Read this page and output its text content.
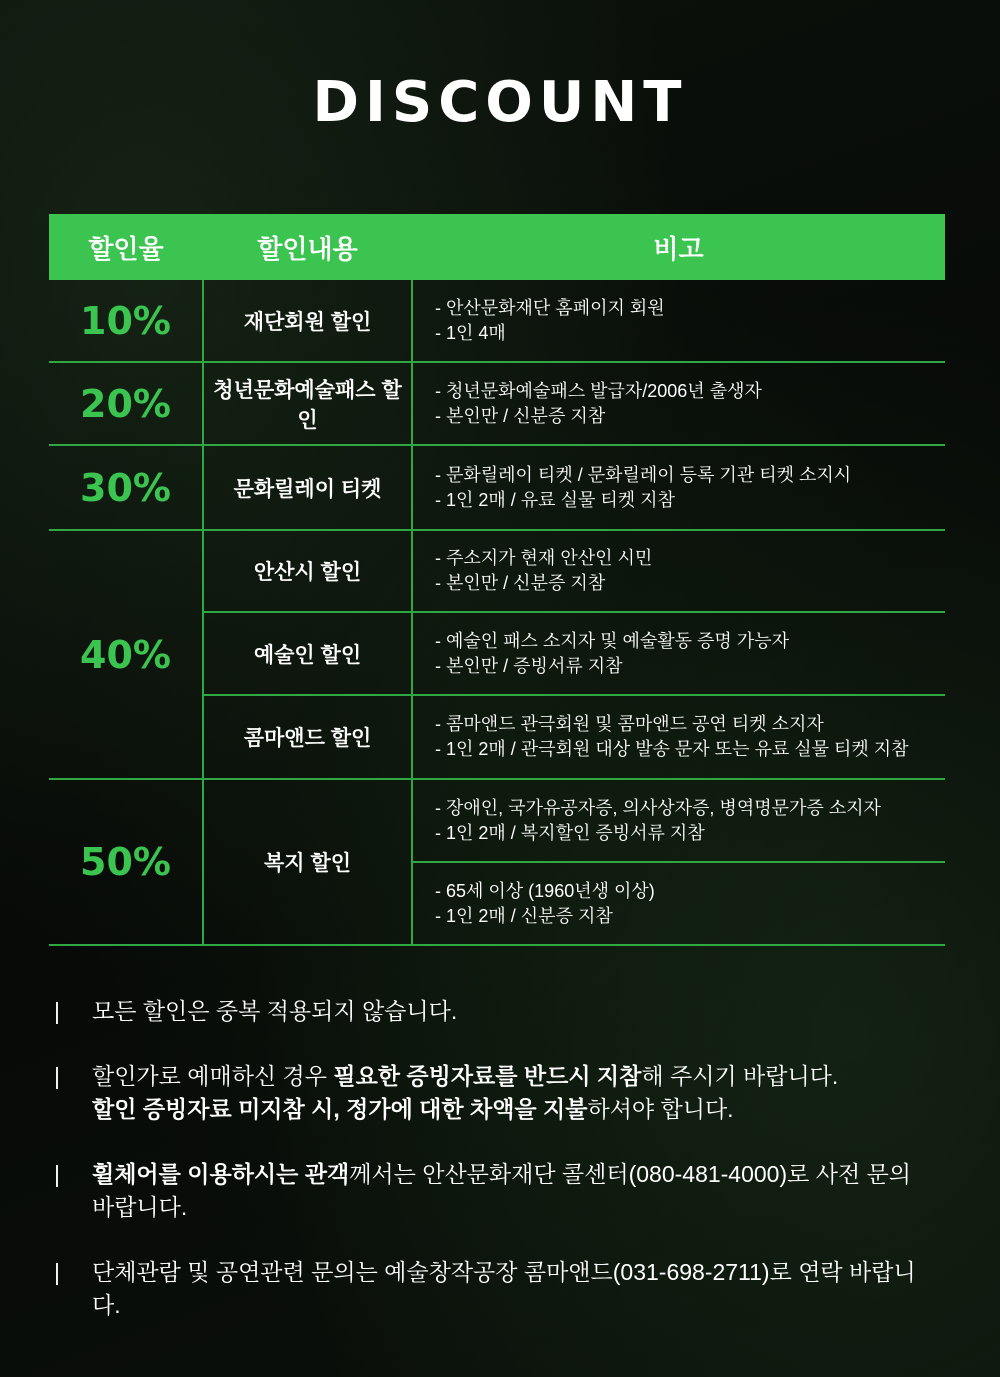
DISCOUNT
할인율	할인내용	비고
10%	재단회원 할인	- 안산문화재단 홈페이지 회원
- 1인 4매

20%	청년문화예술패스 할인	- 청년문화예술패스 발급자/2006년 출생자
- 본인만 / 신분증 지참

30%	문화릴레이 티켓	- 문화릴레이 티켓 / 문화릴레이 등록 기관 티켓 소지시
- 1인 2매 / 유료 실물 티켓 지참

40%	안산시 할인	- 주소지가 현재 안산인 시민
- 본인만 / 신분증 지참

	예술인 할인	- 예술인 패스 소지자 및 예술활동 증명 가능자
- 본인만 / 증빙서류 지참

	콤마앤드 할인	- 콤마앤드 관극회원 및 콤마앤드 공연 티켓 소지자
- 1인 2매 / 관극회원 대상 발송 문자 또는 유료 실물 티켓 지참

50%	복지 할인	- 장애인, 국가유공자증, 의사상자증, 병역명문가증 소지자
- 1인 2매 / 복지할인 증빙서류 지참

		- 65세 이상 (1960년생 이상)
- 1인 2매 / 신분증 지참
| 모든 할인은 중복 적용되지 않습니다.
| 할인가로 예매하신 경우 필요한 증빙자료를 반드시 지참해 주시기 바랍니다.
할인 증빙자료 미지참 시, 정가에 대한 차액을 지불하셔야 합니다.
| 휠체어를 이용하시는 관객께서는 안산문화재단 콜센터(080-481-4000)로 사전 문의 바랍니다.
| 단체관람 및 공연관련 문의는 예술창작공장 콤마앤드(031-698-2711)로 연락 바랍니다.
